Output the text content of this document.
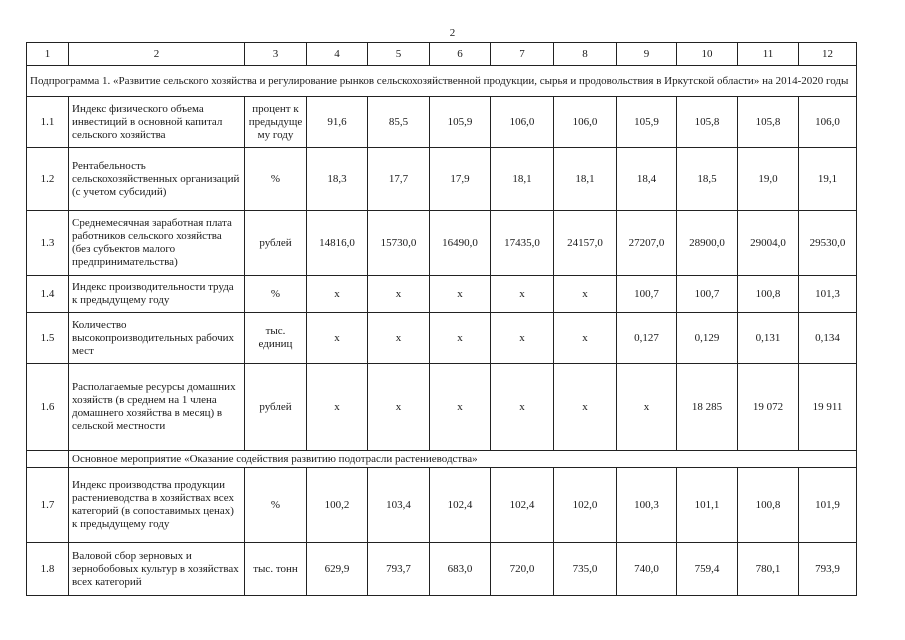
2
1	2	3	4	5	6	7	8	9	10	11	12
Подпрограмма 1. «Развитие сельского хозяйства и регулирование рынков сельскохозяйственной продукции, сырья и продовольствия в Иркутской области» на 2014-2020 годы											
1.1	Индекс физического объема инвестиций в основной капитал сельского хозяйства	процент к предыдуще му году	91,6	85,5	105,9	106,0	106,0	105,9	105,8	105,8	106,0
1.2	Рентабельность сельскохозяйственных организаций (с учетом субсидий)	%	18,3	17,7	17,9	18,1	18,1	18,4	18,5	19,0	19,1
1.3	Среднемесячная заработная плата работников сельского хозяйства (без субъектов малого предпринимательства)	рублей	14816,0	15730,0	16490,0	17435,0	24157,0	27207,0	28900,0	29004,0	29530,0
1.4	Индекс производительности труда к предыдущему году	%	x	x	x	x	x	100,7	100,7	100,8	101,3
1.5	Количество высокопроизводительных рабочих мест	тыс. единиц	x	x	x	x	x	0,127	0,129	0,131	0,134
1.6	Располагаемые ресурсы домашних хозяйств (в среднем на 1 члена домашнего хозяйства в месяц) в сельской местности	рублей	x	x	x	x	x	x	18 285	19 072	19 911
	Основное мероприятие «Оказание содействия развитию подотрасли растениеводства»										
1.7	Индекс производства продукции растениеводства в хозяйствах всех категорий (в сопоставимых ценах) к предыдущему году	%	100,2	103,4	102,4	102,4	102,0	100,3	101,1	100,8	101,9
1.8	Валовой сбор зерновых и зернобобовых культур в хозяйствах всех категорий	тыс. тонн	629,9	793,7	683,0	720,0	735,0	740,0	759,4	780,1	793,9
